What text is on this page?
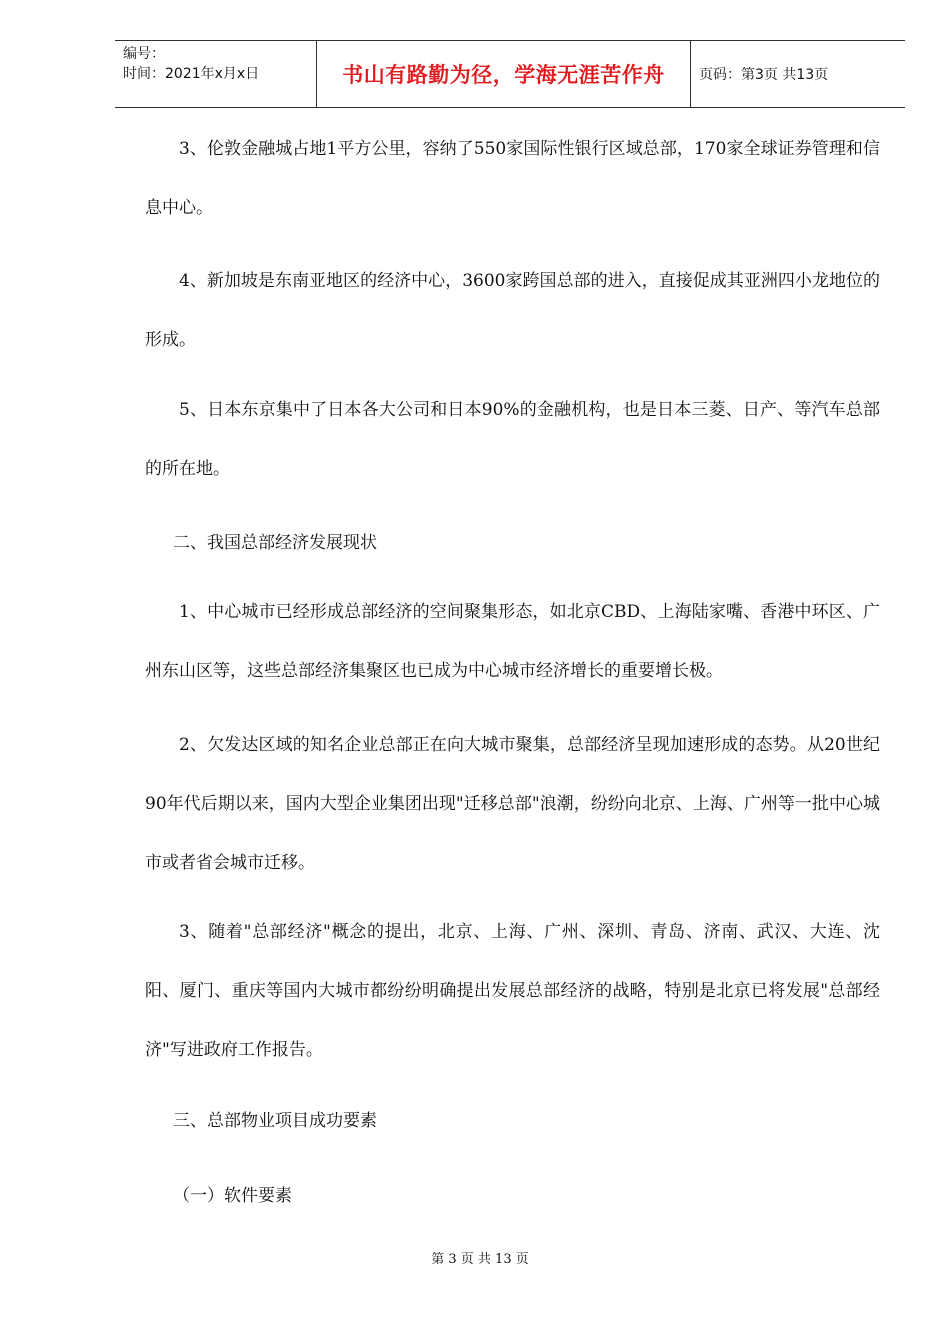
编号：
时间：2021年x月x日	书山有路勤为径，学海无涯苦作舟 页码：第3页 共13页

3、伦敦金融城占地1平方公里，容纳了550家国际性银行区域总部，170家全球证券管理和信息中心。

4、新加坡是东南亚地区的经济中心，3600家跨国总部的进入，直接促成其亚洲四小龙地位的形成。

5、日本东京集中了日本各大公司和日本90%的金融机构，也是日本三菱、日产、等汽车总部的所在地。

二、我国总部经济发展现状

1、中心城市已经形成总部经济的空间聚集形态，如北京CBD、上海陆家嘴、香港中环区、广州东山区等，这些总部经济集聚区也已成为中心城市经济增长的重要增长极。

2、欠发达区域的知名企业总部正在向大城市聚集，总部经济呈现加速形成的态势。从20世纪90年代后期以来，国内大型企业集团出现"迁移总部"浪潮，纷纷向北京、上海、广州等一批中心城市或者省会城市迁移。

3、随着"总部经济"概念的提出，北京、上海、广州、深圳、青岛、济南、武汉、大连、沈阳、厦门、重庆等国内大城市都纷纷明确提出发展总部经济的战略，特别是北京已将发展"总部经济"写进政府工作报告。

三、总部物业项目成功要素
（一）软件要素
第 3 页 共 13 页
